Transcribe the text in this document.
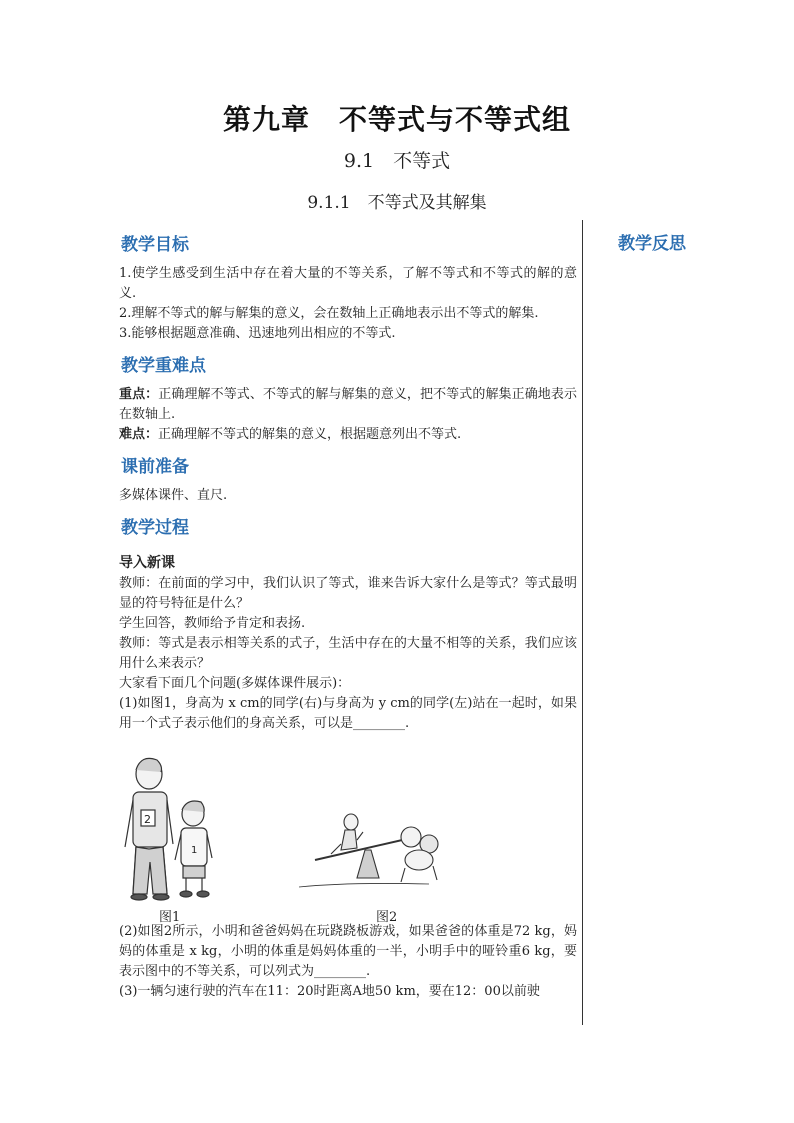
第九章　不等式与不等式组
9.1　不等式
9.1.1　不等式及其解集
教学反思
教学目标

1.使学生感受到生活中存在着大量的不等关系，了解不等式和不等式的解的意义.

2.理解不等式的解与解集的意义，会在数轴上正确地表示出不等式的解集.

3.能够根据题意准确、迅速地列出相应的不等式.

教学重难点

重点：正确理解不等式、不等式的解与解集的意义，把不等式的解集正确地表示在数轴上.

难点：正确理解不等式的解集的意义，根据题意列出不等式.

课前准备

多媒体课件、直尺.

教学过程
导入新课

教师：在前面的学习中，我们认识了等式，谁来告诉大家什么是等式？等式最明显的符号特征是什么？

学生回答，教师给予肯定和表扬.

教师：等式是表示相等关系的式子，生活中存在的大量不相等的关系，我们应该用什么来表示？

大家看下面几个问题(多媒体课件展示)：

(1)如图1，身高为 x cm的同学(右)与身高为 y cm的同学(左)站在一起时，如果用一个式子表示他们的身高关系，可以是________.

(2)如图2所示，小明和爸爸妈妈在玩跷跷板游戏，如果爸爸的体重是72 kg，妈妈的体重是 x kg，小明的体重是妈妈体重的一半，小明手中的哑铃重6 kg，要表示图中的不等关系，可以列式为________.

(3)一辆匀速行驶的汽车在11：20时距离A地50 km，要在12：00以前驶

2
1
图1	图2
